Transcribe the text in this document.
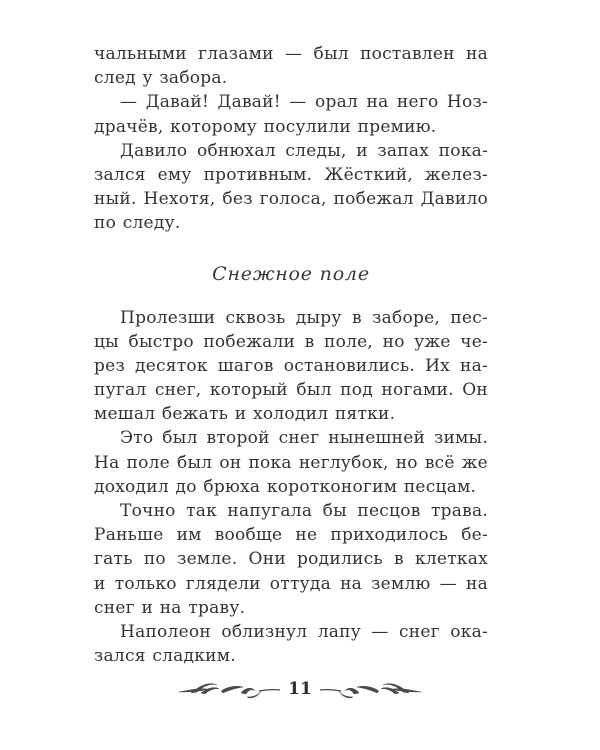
чальными глазами — был поставлен на
след у забора.
— Давай! Давай! — орал на него Ноз-
драчёв, которому посулили премию.
Давило обнюхал следы, и запах пока-
зался ему противным. Жёсткий, желез-
ный. Нехотя, без голоса, побежал Давило
по следу.
Снежное поле
Пролезши сквозь дыру в заборе, пес-
цы быстро побежали в поле, но уже че-
рез десяток шагов остановились. Их на-
пугал снег, который был под ногами. Он
мешал бежать и холодил пятки.
Это был второй снег нынешней зимы.
На поле был он пока неглубок, но всё же
доходил до брюха коротконогим песцам.
Точно так напугала бы песцов трава.
Раньше им вообще не приходилось бе-
гать по земле. Они родились в клетках
и только глядели оттуда на землю — на
снег и на траву.
Наполеон облизнул лапу — снег ока-
зался сладким.
11
